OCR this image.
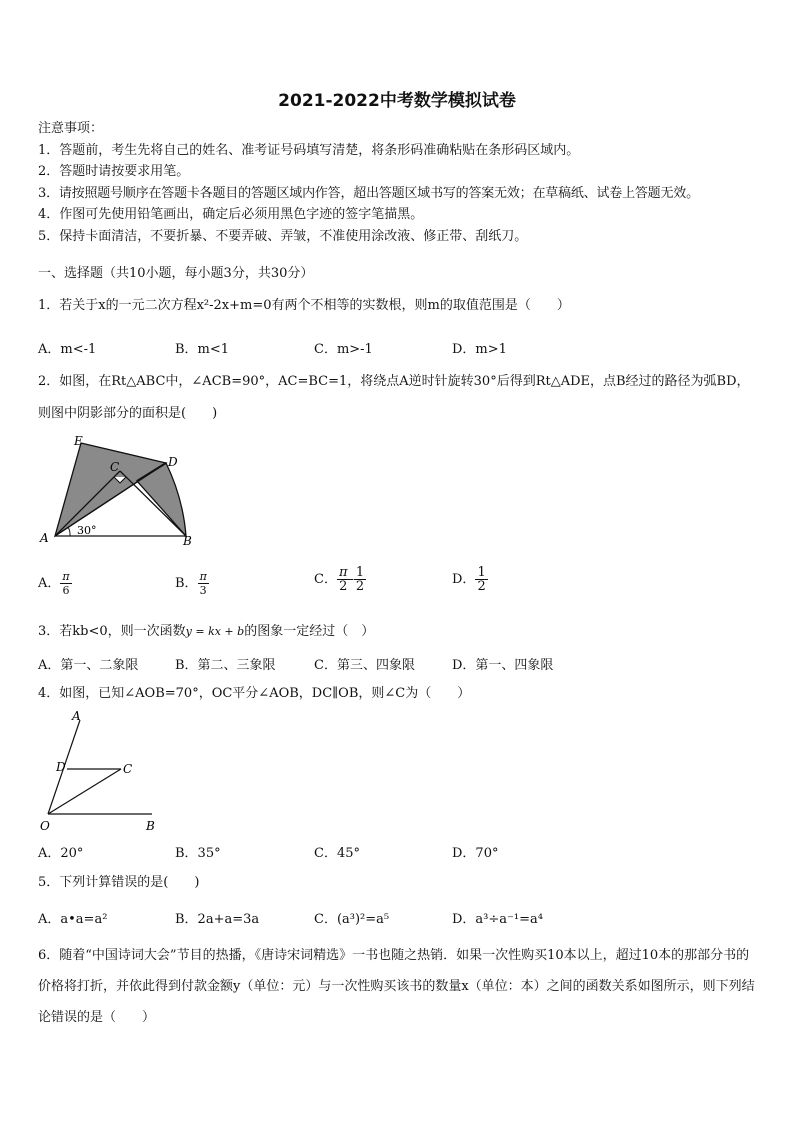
2021-2022中考数学模拟试卷
注意事项：
1．答题前，考生先将自己的姓名、准考证号码填写清楚，将条形码准确粘贴在条形码区域内。
2．答题时请按要求用笔。
3．请按照题号顺序在答题卡各题目的答题区域内作答，超出答题区域书写的答案无效；在草稿纸、试卷上答题无效。
4．作图可先使用铅笔画出，确定后必须用黑色字迹的签字笔描黑。
5．保持卡面清洁，不要折暴、不要弄破、弄皱，不准使用涂改液、修正带、刮纸刀。
一、选择题（共10小题，每小题3分，共30分）
1．若关于x的一元二次方程x²-2x+m=0有两个不相等的实数根，则m的取值范围是（　　）
A．m<-1	B．m<1	C．m>-1	D．m>1
2．如图，在Rt△ABC中，∠ACB=90°，AC=BC=1，将绕点A逆时针旋转30°后得到Rt△ADE，点B经过的路径为弧BD，则图中阴影部分的面积是(　　)
E
C	D
A	B
30°
A． $\frac{\pi}{6}$	B． $\frac{\pi}{3}$	C． $\frac{\pi}{2} - \frac{1}{2}$	D． $\frac{1}{2}$
3．若kb<0，则一次函数y = kx + b的图象一定经过（　）
A．第一、二象限	B．第二、三象限	C．第三、四象限	D．第一、四象限
4．如图，已知∠AOB=70°，OC平分∠AOB，DC∥OB，则∠C为（　　）
A
D	C
O	B
A．20°	B．35°	C．45°	D．70°
5．下列计算错误的是(　　)
A．a•a=a²	B．2a+a=3a	C．(a³)²=a⁵	D．a³÷a⁻¹=a⁴
6．随着“中国诗词大会”节目的热播，《唐诗宋词精选》一书也随之热销．如果一次性购买10本以上，超过10本的那部分书的价格将打折，并依此得到付款金额y（单位：元）与一次性购买该书的数量x（单位：本）之间的函数关系如图所示，则下列结论错误的是（　　）
